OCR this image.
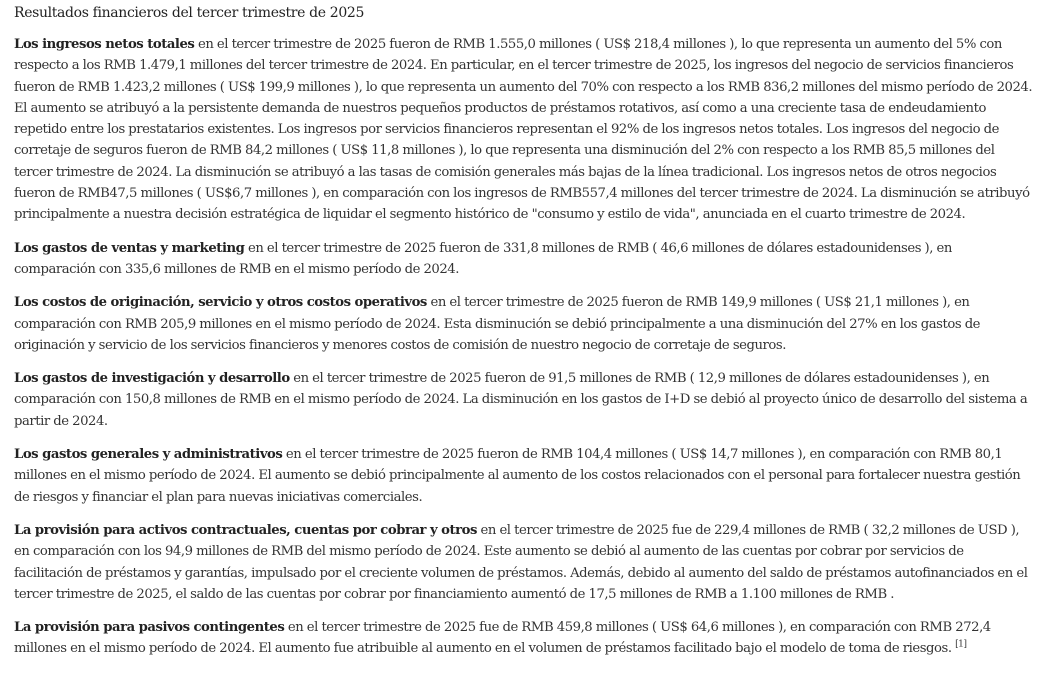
Resultados financieros del tercer trimestre de 2025

Los ingresos netos totales en el tercer trimestre de 2025 fueron de RMB 1.555,0 millones ( US$ 218,4 millones ), lo que representa un aumento del 5% con respecto a los RMB 1.479,1 millones del tercer trimestre de 2024. En particular, en el tercer trimestre de 2025, los ingresos del negocio de servicios financieros fueron de RMB 1.423,2 millones ( US$ 199,9 millones ), lo que representa un aumento del 70% con respecto a los RMB 836,2 millones del mismo período de 2024. El aumento se atribuyó a la persistente demanda de nuestros pequeños productos de préstamos rotativos, así como a una creciente tasa de endeudamiento repetido entre los prestatarios existentes. Los ingresos por servicios financieros representan el 92% de los ingresos netos totales. Los ingresos del negocio de corretaje de seguros fueron de RMB 84,2 millones ( US$ 11,8 millones ), lo que representa una disminución del 2% con respecto a los RMB 85,5 millones del tercer trimestre de 2024. La disminución se atribuyó a las tasas de comisión generales más bajas de la línea tradicional. Los ingresos netos de otros negocios fueron de RMB47,5 millones ( US$6,7 millones ), en comparación con los ingresos de RMB557,4 millones del tercer trimestre de 2024. La disminución se atribuyó principalmente a nuestra decisión estratégica de liquidar el segmento histórico de "consumo y estilo de vida", anunciada en el cuarto trimestre de 2024.

Los gastos de ventas y marketing en el tercer trimestre de 2025 fueron de 331,8 millones de RMB ( 46,6 millones de dólares estadounidenses ), en comparación con 335,6 millones de RMB en el mismo período de 2024.

Los costos de originación, servicio y otros costos operativos en el tercer trimestre de 2025 fueron de RMB 149,9 millones ( US$ 21,1 millones ), en comparación con RMB 205,9 millones en el mismo período de 2024. Esta disminución se debió principalmente a una disminución del 27% en los gastos de originación y servicio de los servicios financieros y menores costos de comisión de nuestro negocio de corretaje de seguros.

Los gastos de investigación y desarrollo en el tercer trimestre de 2025 fueron de 91,5 millones de RMB ( 12,9 millones de dólares estadounidenses ), en comparación con 150,8 millones de RMB en el mismo período de 2024. La disminución en los gastos de I+D se debió al proyecto único de desarrollo del sistema a partir de 2024.

Los gastos generales y administrativos en el tercer trimestre de 2025 fueron de RMB 104,4 millones ( US$ 14,7 millones ), en comparación con RMB 80,1 millones en el mismo período de 2024. El aumento se debió principalmente al aumento de los costos relacionados con el personal para fortalecer nuestra gestión de riesgos y financiar el plan para nuevas iniciativas comerciales.

La provisión para activos contractuales, cuentas por cobrar y otros en el tercer trimestre de 2025 fue de 229,4 millones de RMB ( 32,2 millones de USD ), en comparación con los 94,9 millones de RMB del mismo período de 2024. Este aumento se debió al aumento de las cuentas por cobrar por servicios de facilitación de préstamos y garantías, impulsado por el creciente volumen de préstamos. Además, debido al aumento del saldo de préstamos autofinanciados en el tercer trimestre de 2025, el saldo de las cuentas por cobrar por financiamiento aumentó de 17,5 millones de RMB a 1.100 millones de RMB .

La provisión para pasivos contingentes en el tercer trimestre de 2025 fue de RMB 459,8 millones ( US$ 64,6 millones ), en comparación con RMB 272,4 millones en el mismo período de 2024. El aumento fue atribuible al aumento en el volumen de préstamos facilitado bajo el modelo de toma de riesgos. [1]
